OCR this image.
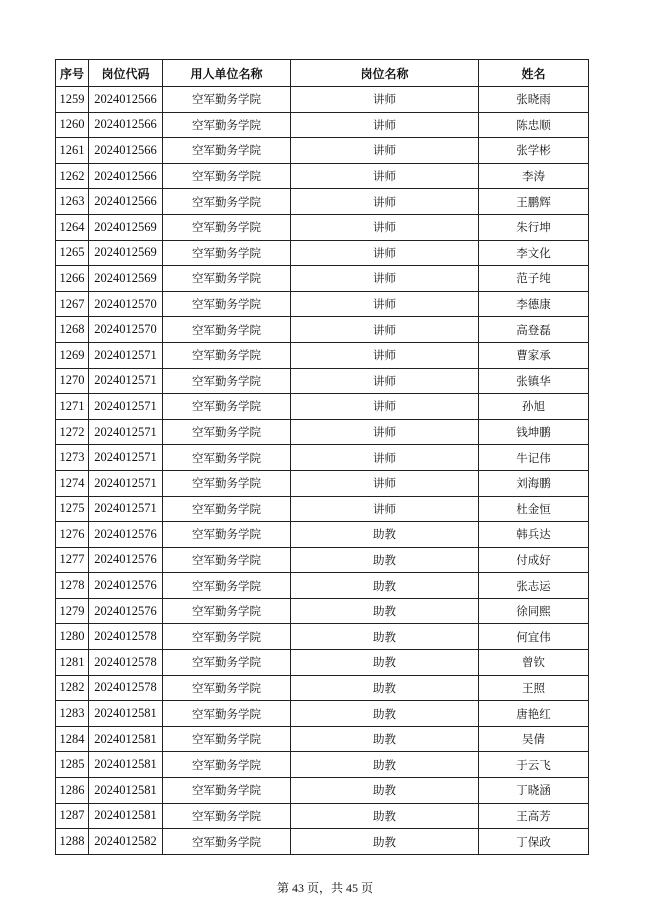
序号	岗位代码	用人单位名称	岗位名称	姓名
1259	2024012566	空军勤务学院	讲师	张晓雨
1260	2024012566	空军勤务学院	讲师	陈忠顺
1261	2024012566	空军勤务学院	讲师	张学彬
1262	2024012566	空军勤务学院	讲师	李涛
1263	2024012566	空军勤务学院	讲师	王鹏辉
1264	2024012569	空军勤务学院	讲师	朱行坤
1265	2024012569	空军勤务学院	讲师	李文化
1266	2024012569	空军勤务学院	讲师	范子纯
1267	2024012570	空军勤务学院	讲师	李德康
1268	2024012570	空军勤务学院	讲师	高登磊
1269	2024012571	空军勤务学院	讲师	曹家承
1270	2024012571	空军勤务学院	讲师	张镇华
1271	2024012571	空军勤务学院	讲师	孙旭
1272	2024012571	空军勤务学院	讲师	钱坤鹏
1273	2024012571	空军勤务学院	讲师	牛记伟
1274	2024012571	空军勤务学院	讲师	刘海鹏
1275	2024012571	空军勤务学院	讲师	杜金恒
1276	2024012576	空军勤务学院	助教	韩兵达
1277	2024012576	空军勤务学院	助教	付成好
1278	2024012576	空军勤务学院	助教	张志运
1279	2024012576	空军勤务学院	助教	徐同熙
1280	2024012578	空军勤务学院	助教	何宜伟
1281	2024012578	空军勤务学院	助教	曾钦
1282	2024012578	空军勤务学院	助教	王照
1283	2024012581	空军勤务学院	助教	唐艳红
1284	2024012581	空军勤务学院	助教	吴倩
1285	2024012581	空军勤务学院	助教	于云飞
1286	2024012581	空军勤务学院	助教	丁晓涵
1287	2024012581	空军勤务学院	助教	王高芳
1288	2024012582	空军勤务学院	助教	丁保政
第 43 页，共 45 页
